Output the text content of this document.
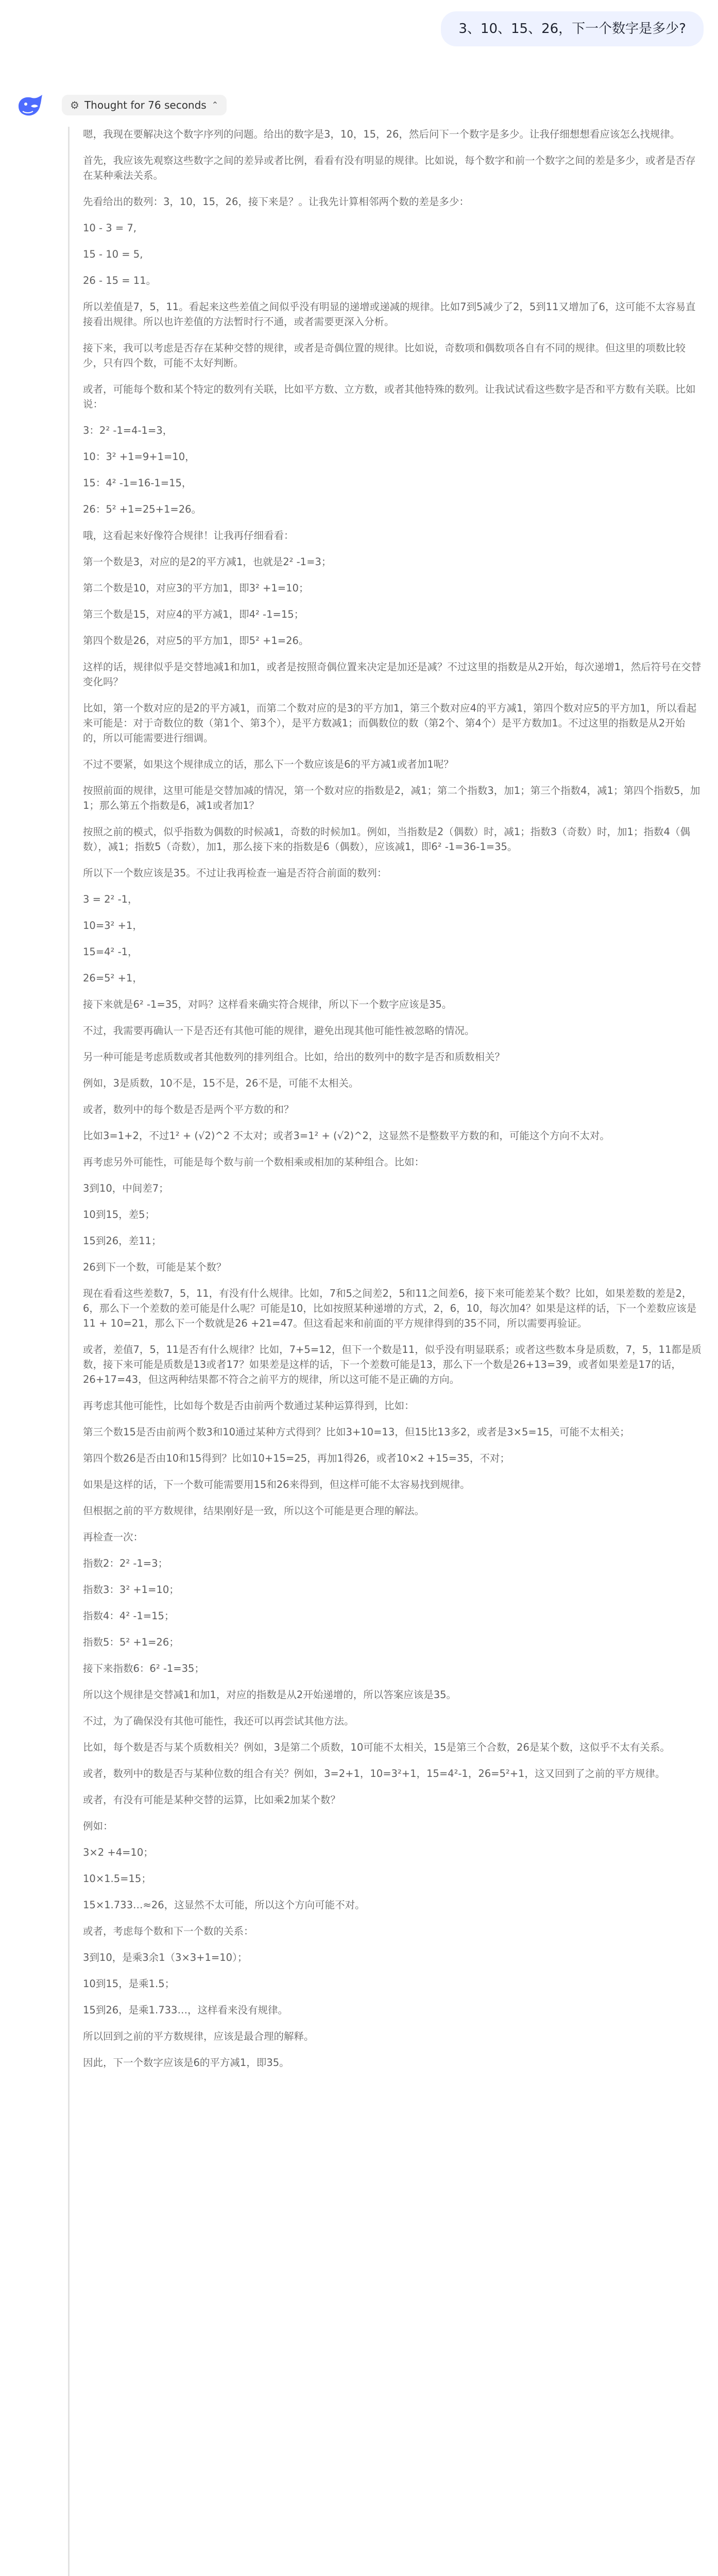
3、10、15、26，下一个数字是多少?
⚙ Thought for 76 seconds ⌃

嗯，我现在要解决这个数字序列的问题。给出的数字是3，10，15，26，然后问下一个数字是多少。让我仔细想想看应该怎么找规律。

首先，我应该先观察这些数字之间的差异或者比例，看看有没有明显的规律。比如说，每个数字和前一个数字之间的差是多少，或者是否存在某种乘法关系。

先看给出的数列：3，10，15，26，接下来是？。让我先计算相邻两个数的差是多少：

10 - 3 = 7,

15 - 10 = 5,

26 - 15 = 11。

所以差值是7，5，11。看起来这些差值之间似乎没有明显的递增或递减的规律。比如7到5减少了2，5到11又增加了6，这可能不太容易直接看出规律。所以也许差值的方法暂时行不通，或者需要更深入分析。

接下来，我可以考虑是否存在某种交替的规律，或者是奇偶位置的规律。比如说，奇数项和偶数项各自有不同的规律。但这里的项数比较少，只有四个数，可能不太好判断。

或者，可能每个数和某个特定的数列有关联，比如平方数、立方数，或者其他特殊的数列。让我试试看这些数字是否和平方数有关联。比如说：

3：2² -1=4-1=3，

10：3² +1=9+1=10，

15：4² -1=16-1=15，

26：5² +1=25+1=26。

哦，这看起来好像符合规律！让我再仔细看看：

第一个数是3，对应的是2的平方减1，也就是2² -1=3；

第二个数是10，对应3的平方加1，即3² +1=10；

第三个数是15，对应4的平方减1，即4² -1=15；

第四个数是26，对应5的平方加1，即5² +1=26。

这样的话，规律似乎是交替地减1和加1，或者是按照奇偶位置来决定是加还是减？不过这里的指数是从2开始，每次递增1，然后符号在交替变化吗？

比如，第一个数对应的是2的平方减1，而第二个数对应的是3的平方加1，第三个数对应4的平方减1，第四个数对应5的平方加1，所以看起来可能是：对于奇数位的数（第1个、第3个），是平方数减1；而偶数位的数（第2个、第4个）是平方数加1。不过这里的指数是从2开始的，所以可能需要进行细调。

不过不要紧，如果这个规律成立的话，那么下一个数应该是6的平方减1或者加1呢？

按照前面的规律，这里可能是交替加减的情况，第一个数对应的指数是2，减1；第二个指数3，加1；第三个指数4，减1；第四个指数5，加1；那么第五个指数是6，减1或者加1？

按照之前的模式，似乎指数为偶数的时候减1，奇数的时候加1。例如，当指数是2（偶数）时，减1；指数3（奇数）时，加1；指数4（偶数），减1；指数5（奇数），加1，那么接下来的指数是6（偶数），应该减1，即6² -1=36-1=35。

所以下一个数应该是35。不过让我再检查一遍是否符合前面的数列：

3 = 2² -1，

10=3² +1，

15=4² -1，

26=5² +1，

接下来就是6² -1=35，对吗？这样看来确实符合规律，所以下一个数字应该是35。

不过，我需要再确认一下是否还有其他可能的规律，避免出现其他可能性被忽略的情况。

另一种可能是考虑质数或者其他数列的排列组合。比如，给出的数列中的数字是否和质数相关？

例如，3是质数，10不是，15不是，26不是，可能不太相关。

或者，数列中的每个数是否是两个平方数的和？

比如3=1+2，不过1² + (√2)^2 不太对；或者3=1² + (√2)^2，这显然不是整数平方数的和，可能这个方向不太对。

再考虑另外可能性，可能是每个数与前一个数相乘或相加的某种组合。比如：

3到10，中间差7；

10到15，差5；

15到26，差11；

26到下一个数，可能是某个数？

现在看看这些差数7，5，11，有没有什么规律。比如，7和5之间差2，5和11之间差6，接下来可能差某个数？比如，如果差数的差是2，6，那么下一个差数的差可能是什么呢？可能是10，比如按照某种递增的方式，2，6，10，每次加4？如果是这样的话，下一个差数应该是11 + 10=21，那么下一个数就是26 +21=47。但这看起来和前面的平方规律得到的35不同，所以需要再验证。

或者，差值7，5，11是否有什么规律？比如，7+5=12，但下一个数是11，似乎没有明显联系；或者这些数本身是质数，7，5，11都是质数，接下来可能是质数是13或者17？如果差是这样的话，下一个差数可能是13，那么下一个数是26+13=39，或者如果差是17的话，26+17=43，但这两种结果都不符合之前平方的规律，所以这可能不是正确的方向。

再考虑其他可能性，比如每个数是否由前两个数通过某种运算得到，比如：

第三个数15是否由前两个数3和10通过某种方式得到？比如3+10=13，但15比13多2，或者是3×5=15，可能不太相关；

第四个数26是否由10和15得到？比如10+15=25，再加1得26，或者10×2 +15=35，不对；

如果是这样的话，下一个数可能需要用15和26来得到，但这样可能不太容易找到规律。

但根据之前的平方数规律，结果刚好是一致，所以这个可能是更合理的解法。

再检查一次：

指数2：2² -1=3；

指数3：3² +1=10；

指数4：4² -1=15；

指数5：5² +1=26；

接下来指数6：6² -1=35；

所以这个规律是交替减1和加1，对应的指数是从2开始递增的，所以答案应该是35。

不过，为了确保没有其他可能性，我还可以再尝试其他方法。

比如，每个数是否与某个质数相关？例如，3是第二个质数，10可能不太相关，15是第三个合数，26是某个数，这似乎不太有关系。

或者，数列中的数是否与某种位数的组合有关？例如，3=2+1，10=3²+1，15=4²-1，26=5²+1，这又回到了之前的平方规律。

或者，有没有可能是某种交替的运算，比如乘2加某个数？

例如：

3×2 +4=10；

10×1.5=15；

15×1.733…≈26，这显然不太可能，所以这个方向可能不对。

或者，考虑每个数和下一个数的关系：

3到10，是乘3余1（3×3+1=10）；

10到15，是乘1.5；

15到26，是乘1.733…，这样看来没有规律。

所以回到之前的平方数规律，应该是最合理的解释。

因此，下一个数字应该是6的平方减1，即35。
